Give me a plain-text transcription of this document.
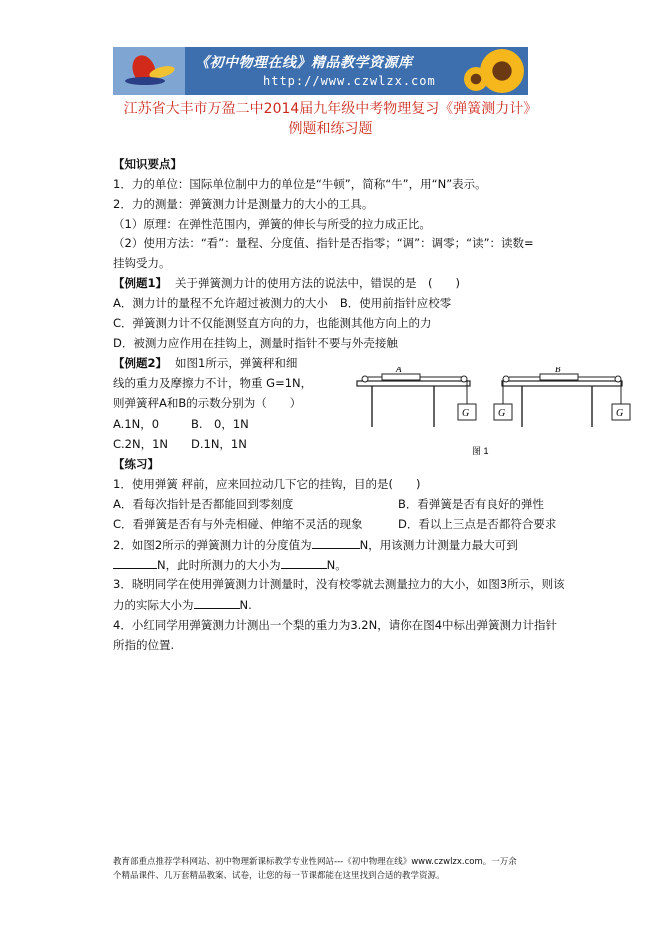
《初中物理在线》精品教学资源库
http://www.czwlzx.com
江苏省大丰市万盈二中2014届九年级中考物理复习《弹簧测力计》
例题和练习题
【知识要点】
1．力的单位：国际单位制中力的单位是“牛顿”，简称“牛”，用“N”表示。
2．力的测量：弹簧测力计是测量力的大小的工具。
（1）原理：在弹性范围内，弹簧的伸长与所受的拉力成正比。
（2）使用方法：“看”：量程、分度值、指针是否指零；“调”：调零；“读”：读数=
挂钩受力。
【例题1】 关于弹簧测力计的使用方法的说法中，错误的是　(　　)
A．测力计的量程不允许超过被测力的大小 B．使用前指针应校零
C．弹簧测力计不仅能测竖直方向的力，也能测其他方向上的力
D．被测力应作用在挂钩上，测量时指针不要与外壳接触
【例题2】 如图1所示，弹簧秤和细
线的重力及摩擦力不计，物重 G=1N，
则弹簧秤A和B的示数分别为（　　）
A.1N，0	B.　0，1N
C.2N，1N D.1N，1N
A
G
B
G	G
图 1
【练习】
1．使用弹簧 秤前，应来回拉动几下它的挂钩，目的是(　　)
A．看每次指针是否都能回到零刻度	B．看弹簧是否有良好的弹性
C．看弹簧是否有与外壳相碰、伸缩不灵活的现象	D．看以上三点是否都符合要求
2．如图2所示的弹簧测力计的分度值为	N，用该测力计测量力最大可到
N，此时所测力的大小为	N。
3．晓明同学在使用弹簧测力计测量时，没有校零就去测量拉力的大小，如图3所示，则该
力的实际大小为	N.
4．小红同学用弹簧测力计测出一个梨的重力为3.2N，请你在图4中标出弹簧测力计指针
所指的位置.
教育部重点推荐学科网站、初中物理新课标教学专业性网站---《初中物理在线》www.czwlzx.com。一万余
个精品课件、几万套精品教案、试卷，让您的每一节课都能在这里找到合适的教学资源。
